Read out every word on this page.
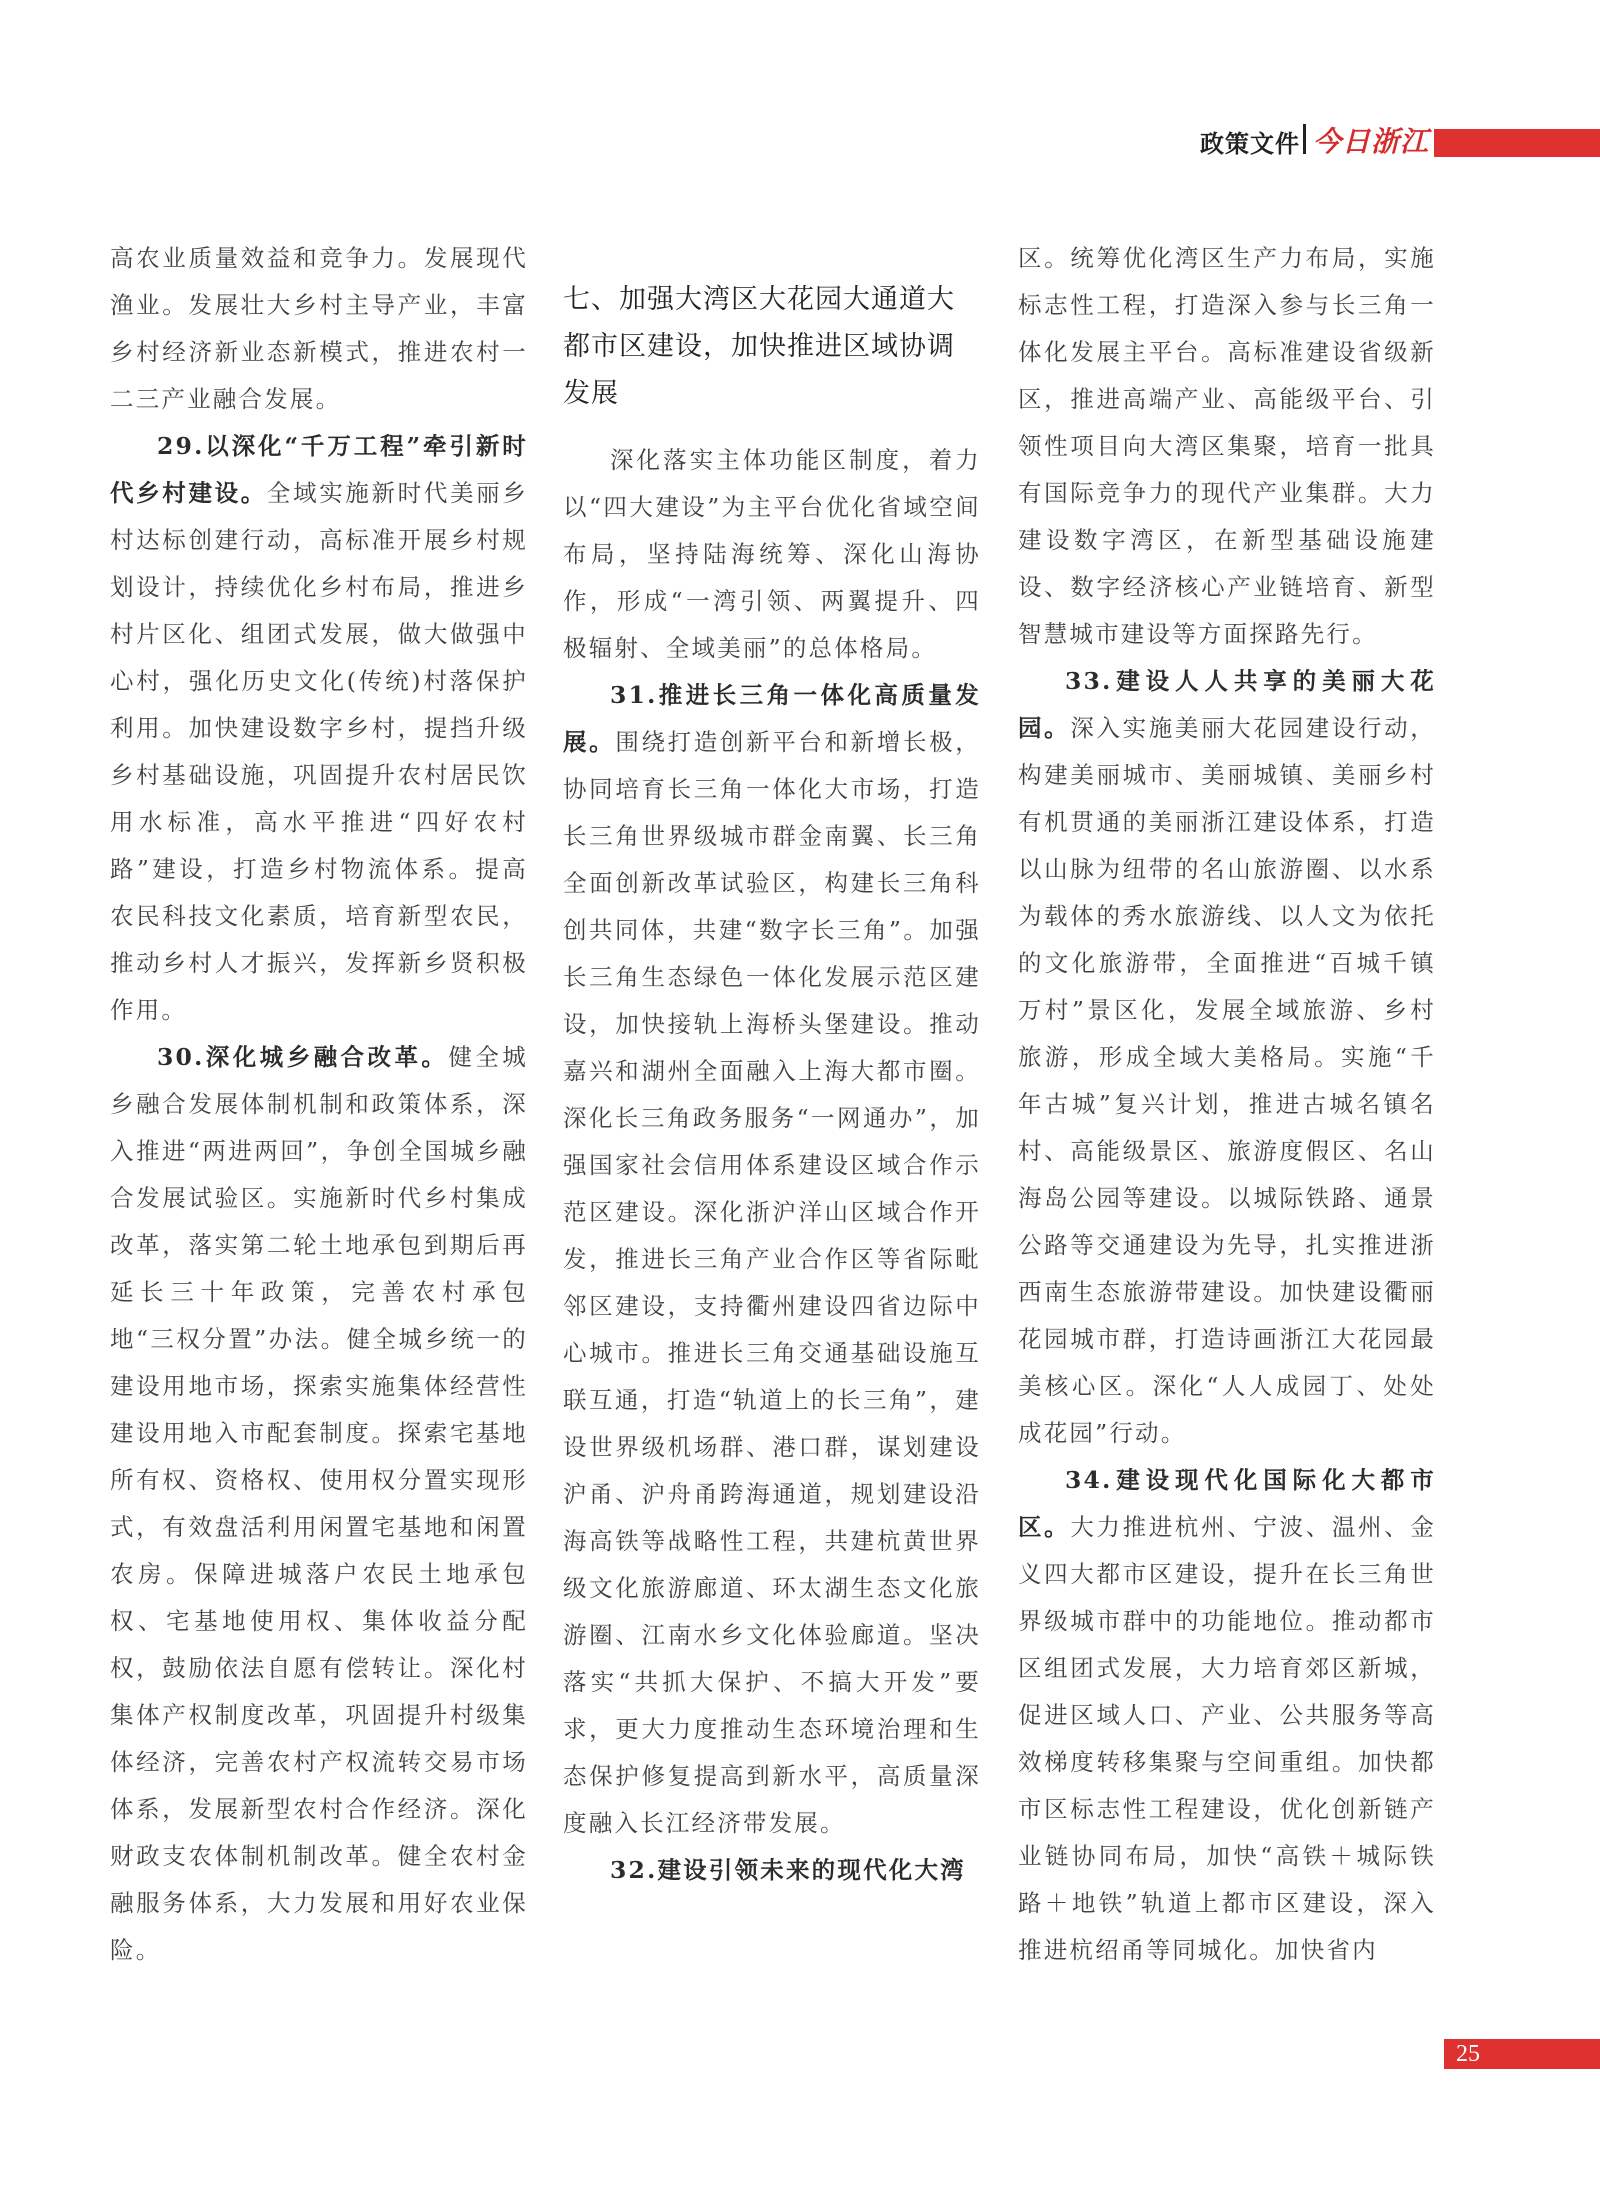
政策文件 今日浙江

高农业质量效益和竞争力。发展现代渔业。发展壮大乡村主导产业，丰富乡村经济新业态新模式，推进农村一二三产业融合发展。

29.以深化“千万工程”牵引新时代乡村建设。全域实施新时代美丽乡村达标创建行动，高标准开展乡村规划设计，持续优化乡村布局，推进乡村片区化、组团式发展，做大做强中心村，强化历史文化(传统)村落保护利用。加快建设数字乡村，提挡升级乡村基础设施，巩固提升农村居民饮用水标准，高水平推进“四好农村路”建设，打造乡村物流体系。提高农民科技文化素质，培育新型农民，推动乡村人才振兴，发挥新乡贤积极作用。

30.深化城乡融合改革。健全城乡融合发展体制机制和政策体系，深入推进“两进两回”，争创全国城乡融合发展试验区。实施新时代乡村集成改革，落实第二轮土地承包到期后再延长三十年政策，完善农村承包地“三权分置”办法。健全城乡统一的建设用地市场，探索实施集体经营性建设用地入市配套制度。探索宅基地所有权、资格权、使用权分置实现形式，有效盘活利用闲置宅基地和闲置农房。保障进城落户农民土地承包权、宅基地使用权、集体收益分配权，鼓励依法自愿有偿转让。深化村集体产权制度改革，巩固提升村级集体经济，完善农村产权流转交易市场体系，发展新型农村合作经济。深化财政支农体制机制改革。健全农村金融服务体系，大力发展和用好农业保险。

七、加强大湾区大花园大通道大都市区建设，加快推进区域协调发展

深化落实主体功能区制度，着力以“四大建设”为主平台优化省域空间布局，坚持陆海统筹、深化山海协作，形成“一湾引领、两翼提升、四极辐射、全域美丽”的总体格局。

31.推进长三角一体化高质量发展。围绕打造创新平台和新增长极，协同培育长三角一体化大市场，打造长三角世界级城市群金南翼、长三角全面创新改革试验区，构建长三角科创共同体，共建“数字长三角”。加强长三角生态绿色一体化发展示范区建设，加快接轨上海桥头堡建设。推动嘉兴和湖州全面融入上海大都市圈。深化长三角政务服务“一网通办”，加强国家社会信用体系建设区域合作示范区建设。深化浙沪洋山区域合作开发，推进长三角产业合作区等省际毗邻区建设，支持衢州建设四省边际中心城市。推进长三角交通基础设施互联互通，打造“轨道上的长三角”，建设世界级机场群、港口群，谋划建设沪甬、沪舟甬跨海通道，规划建设沿海高铁等战略性工程，共建杭黄世界级文化旅游廊道、环太湖生态文化旅游圈、江南水乡文化体验廊道。坚决落实“共抓大保护、不搞大开发”要求，更大力度推动生态环境治理和生态保护修复提高到新水平，高质量深度融入长江经济带发展。

32.建设引领未来的现代化大湾

区。统筹优化湾区生产力布局，实施标志性工程，打造深入参与长三角一体化发展主平台。高标准建设省级新区，推进高端产业、高能级平台、引领性项目向大湾区集聚，培育一批具有国际竞争力的现代产业集群。大力建设数字湾区，在新型基础设施建设、数字经济核心产业链培育、新型智慧城市建设等方面探路先行。

33.建设人人共享的美丽大花园。深入实施美丽大花园建设行动，构建美丽城市、美丽城镇、美丽乡村有机贯通的美丽浙江建设体系，打造以山脉为纽带的名山旅游圈、以水系为载体的秀水旅游线、以人文为依托的文化旅游带，全面推进“百城千镇万村”景区化，发展全域旅游、乡村旅游，形成全域大美格局。实施“千年古城”复兴计划，推进古城名镇名村、高能级景区、旅游度假区、名山海岛公园等建设。以城际铁路、通景公路等交通建设为先导，扎实推进浙西南生态旅游带建设。加快建设衢丽花园城市群，打造诗画浙江大花园最美核心区。深化“人人成园丁、处处成花园”行动。

34.建设现代化国际化大都市区。大力推进杭州、宁波、温州、金义四大都市区建设，提升在长三角世界级城市群中的功能地位。推动都市区组团式发展，大力培育郊区新城，促进区域人口、产业、公共服务等高效梯度转移集聚与空间重组。加快都市区标志性工程建设，优化创新链产业链协同布局，加快“高铁＋城际铁路＋地铁”轨道上都市区建设，深入推进杭绍甬等同城化。加快省内

25
